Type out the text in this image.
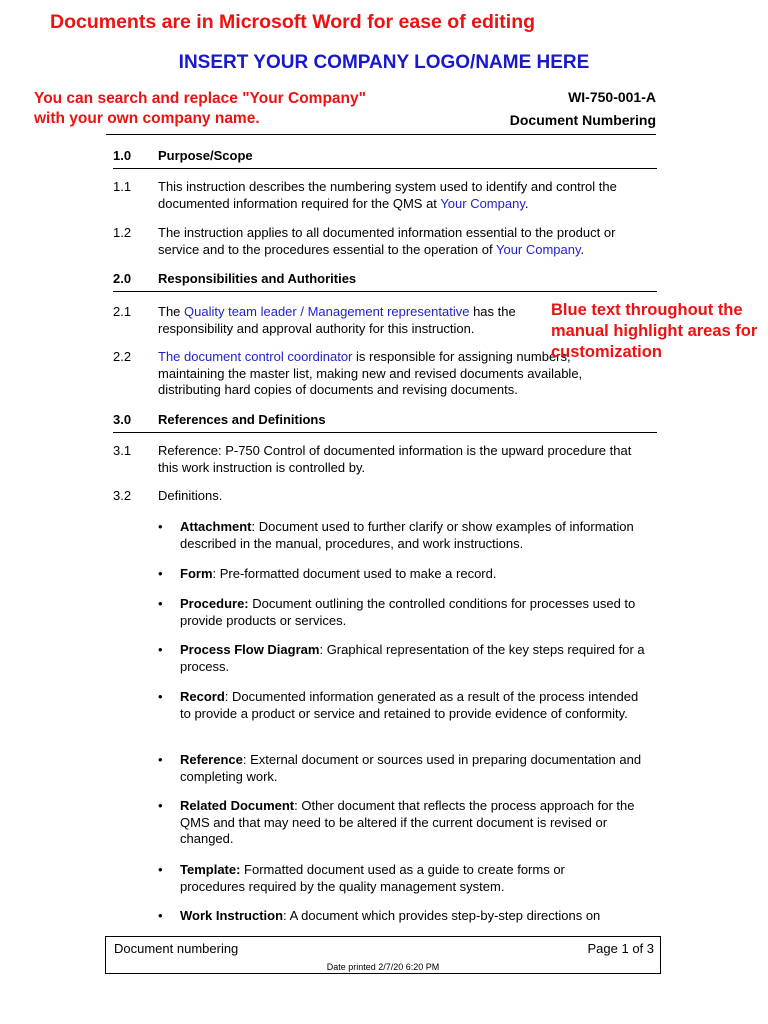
Documents are in Microsoft Word for ease of editing
INSERT YOUR COMPANY LOGO/NAME HERE
You can search and replace "Your Company" with your own company name.
WI-750-001-A
Document Numbering
1.0 Purpose/Scope
1.1 This instruction describes the numbering system used to identify and control the documented information required for the QMS at Your Company.
1.2 The instruction applies to all documented information essential to the product or service and to the procedures essential to the operation of Your Company.
2.0 Responsibilities and Authorities
2.1 The Quality team leader / Management representative has the responsibility and approval authority for this instruction.
2.2 The document control coordinator is responsible for assigning numbers, maintaining the master list, making new and revised documents available, distributing hard copies of documents and revising documents.
Blue text throughout the manual highlight areas for customization
3.0 References and Definitions
3.1 Reference: P-750 Control of documented information is the upward procedure that this work instruction is controlled by.
3.2 Definitions.
• Attachment: Document used to further clarify or show examples of information described in the manual, procedures, and work instructions.
• Form: Pre-formatted document used to make a record.
• Procedure: Document outlining the controlled conditions for processes used to provide products or services.
• Process Flow Diagram: Graphical representation of the key steps required for a process.
• Record: Documented information generated as a result of the process intended to provide a product or service and retained to provide evidence of conformity.
• Reference: External document or sources used in preparing documentation and completing work.
• Related Document: Other document that reflects the process approach for the QMS and that may need to be altered if the current document is revised or changed.
• Template: Formatted document used as a guide to create forms or procedures required by the quality management system.
• Work Instruction: A document which provides step-by-step directions on
Document numbering	Page 1 of 3
Date printed 2/7/20 6:20 PM
